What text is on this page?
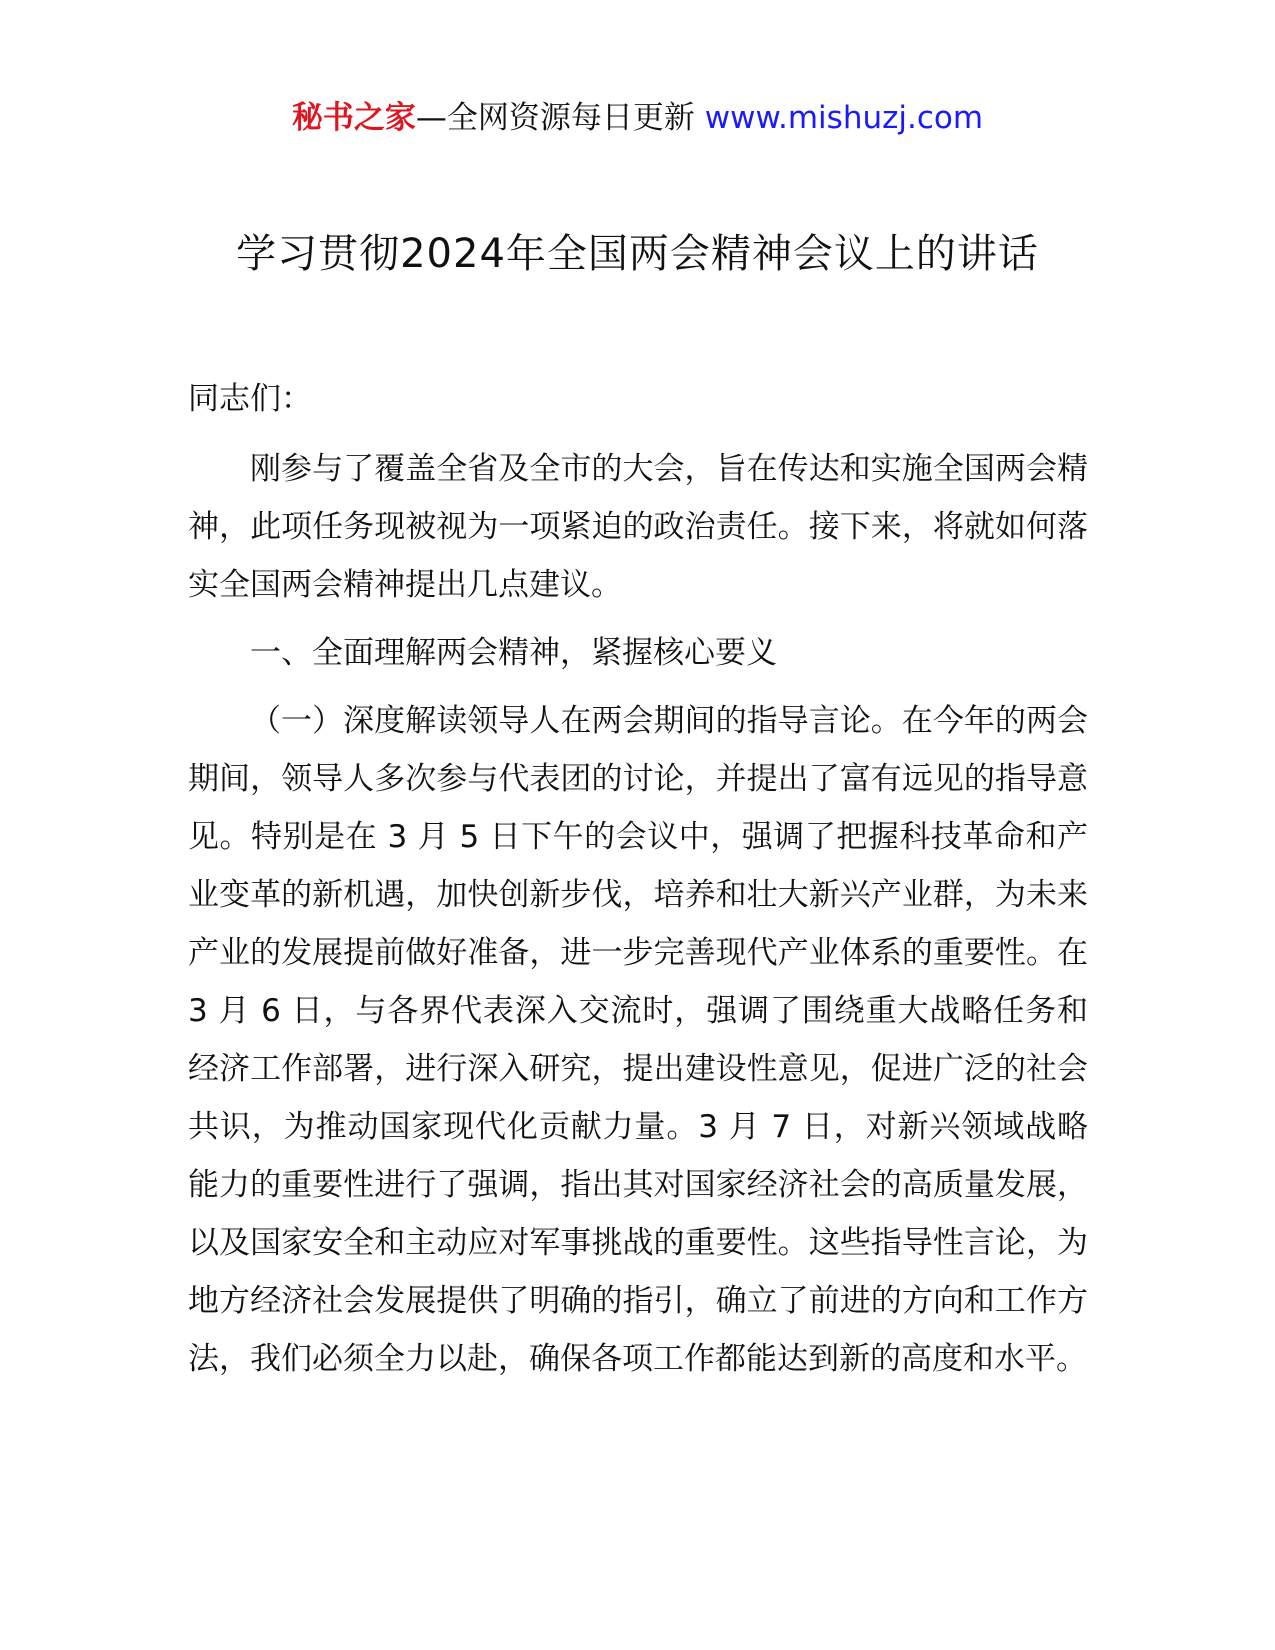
秘书之家—全网资源每日更新 www.mishuzj.com
学习贯彻2024年全国两会精神会议上的讲话

同志们：

刚参与了覆盖全省及全市的大会，旨在传达和实施全国两会精神，此项任务现被视为一项紧迫的政治责任。接下来，将就如何落实全国两会精神提出几点建议。

一、全面理解两会精神，紧握核心要义

（一）深度解读领导人在两会期间的指导言论。在今年的两会期间，领导人多次参与代表团的讨论，并提出了富有远见的指导意见。特别是在 3 月 5 日下午的会议中，强调了把握科技革命和产业变革的新机遇，加快创新步伐，培养和壮大新兴产业群，为未来产业的发展提前做好准备，进一步完善现代产业体系的重要性。在 3 月 6 日，与各界代表深入交流时，强调了围绕重大战略任务和经济工作部署，进行深入研究，提出建设性意见，促进广泛的社会共识，为推动国家现代化贡献力量。3 月 7 日，对新兴领域战略能力的重要性进行了强调，指出其对国家经济社会的高质量发展，以及国家安全和主动应对军事挑战的重要性。这些指导性言论，为地方经济社会发展提供了明确的指引，确立了前进的方向和工作方法，我们必须全力以赴，确保各项工作都能达到新的高度和水平。
